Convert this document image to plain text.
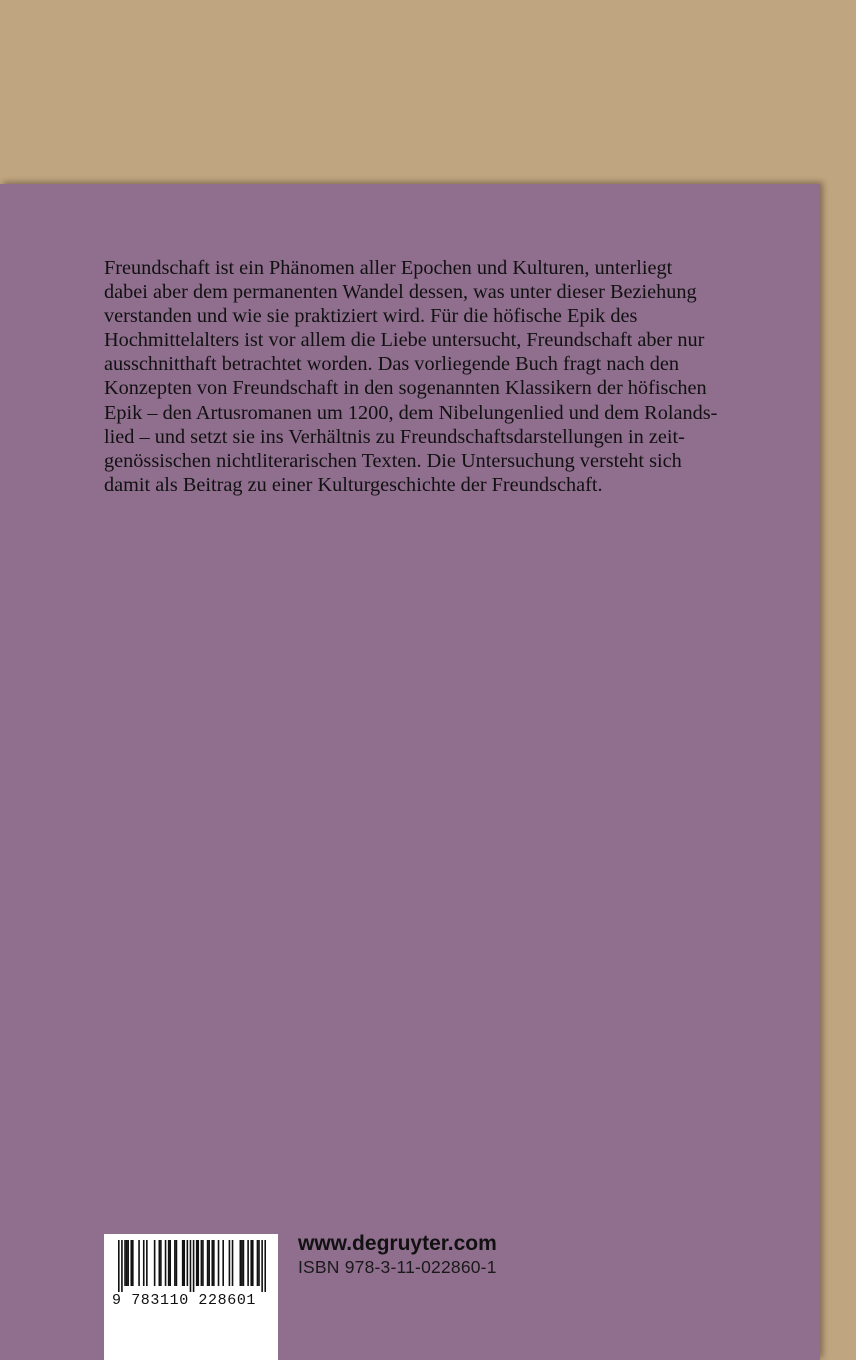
Freundschaft ist ein Phänomen aller Epochen und Kulturen, unterliegt
dabei aber dem permanenten Wandel dessen, was unter dieser Beziehung
verstanden und wie sie praktiziert wird. Für die höfische Epik des
Hochmittelalters ist vor allem die Liebe untersucht, Freundschaft aber nur
ausschnitthaft betrachtet worden. Das vorliegende Buch fragt nach den
Konzepten von Freundschaft in den sogenannten Klassikern der höfischen
Epik – den Artusromanen um 1200, dem Nibelungenlied und dem Rolands-
lied – und setzt sie ins Verhältnis zu Freundschaftsdarstellungen in zeit-
genössischen nichtliterarischen Texten. Die Untersuchung versteht sich
damit als Beitrag zu einer Kulturgeschichte der Freundschaft.

9 783110 228601
www.degruyter.com
ISBN 978-3-11-022860-1
